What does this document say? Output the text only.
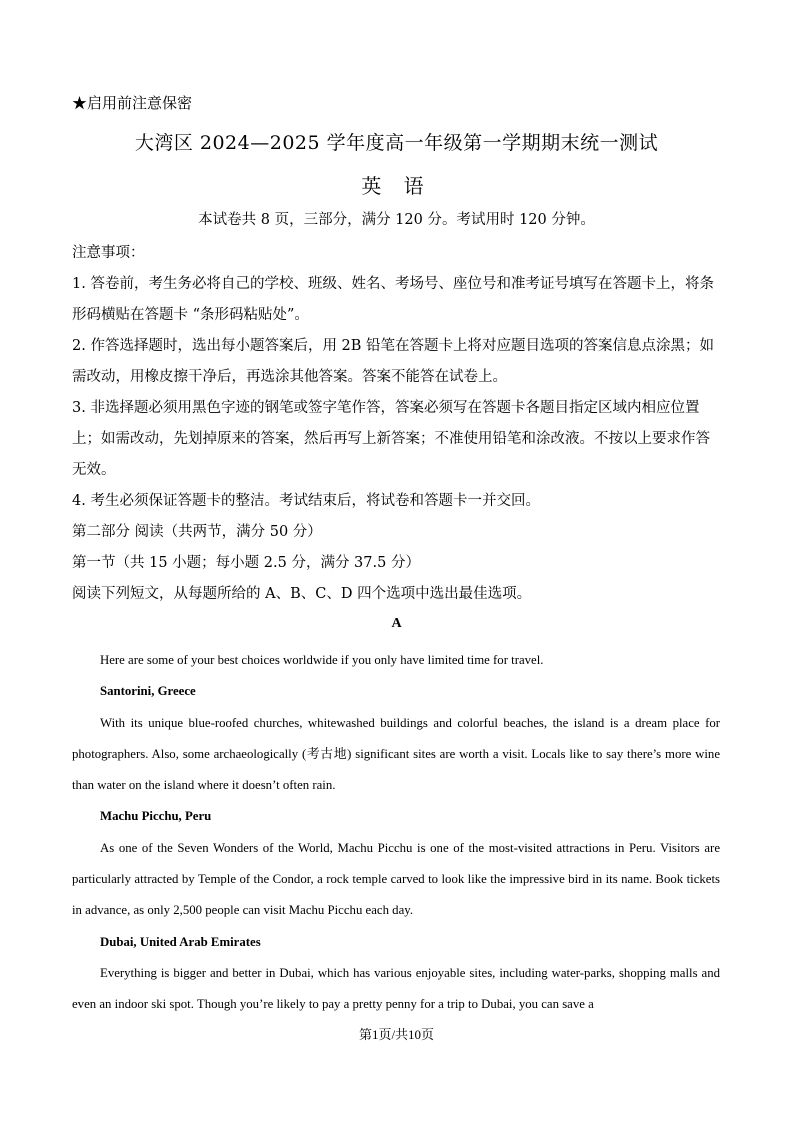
★启用前注意保密
大湾区 2024—2025 学年度高一年级第一学期期末统一测试
英 语
本试卷共 8 页，三部分，满分 120 分。考试用时 120 分钟。

注意事项：

1. 答卷前，考生务必将自己的学校、班级、姓名、考场号、座位号和准考证号填写在答题卡上，将条形码横贴在答题卡 “条形码粘贴处”。

2. 作答选择题时，选出每小题答案后，用 2B 铅笔在答题卡上将对应题目选项的答案信息点涂黑；如需改动，用橡皮擦干净后，再选涂其他答案。答案不能答在试卷上。

3. 非选择题必须用黑色字迹的钢笔或签字笔作答，答案必须写在答题卡各题目指定区域内相应位置上；如需改动，先划掉原来的答案，然后再写上新答案；不准使用铅笔和涂改液。不按以上要求作答无效。

4. 考生必须保证答题卡的整洁。考试结束后，将试卷和答题卡一并交回。

第二部分 阅读（共两节，满分 50 分）

第一节（共 15 小题；每小题 2.5 分，满分 37.5 分）

阅读下列短文，从每题所给的 A、B、C、D 四个选项中选出最佳选项。

A

Here are some of your best choices worldwide if you only have limited time for travel.

Santorini, Greece

With its unique blue-roofed churches, whitewashed buildings and colorful beaches, the island is a dream place for photographers. Also, some archaeologically (考古地) significant sites are worth a visit. Locals like to say there’s more wine than water on the island where it doesn’t often rain.

Machu Picchu, Peru

As one of the Seven Wonders of the World, Machu Picchu is one of the most-visited attractions in Peru. Visitors are particularly attracted by Temple of the Condor, a rock temple carved to look like the impressive bird in its name. Book tickets in advance, as only 2,500 people can visit Machu Picchu each day.

Dubai, United Arab Emirates

Everything is bigger and better in Dubai, which has various enjoyable sites, including water-parks, shopping malls and even an indoor ski spot. Though you’re likely to pay a pretty penny for a trip to Dubai, you can save a

第1页/共10页
